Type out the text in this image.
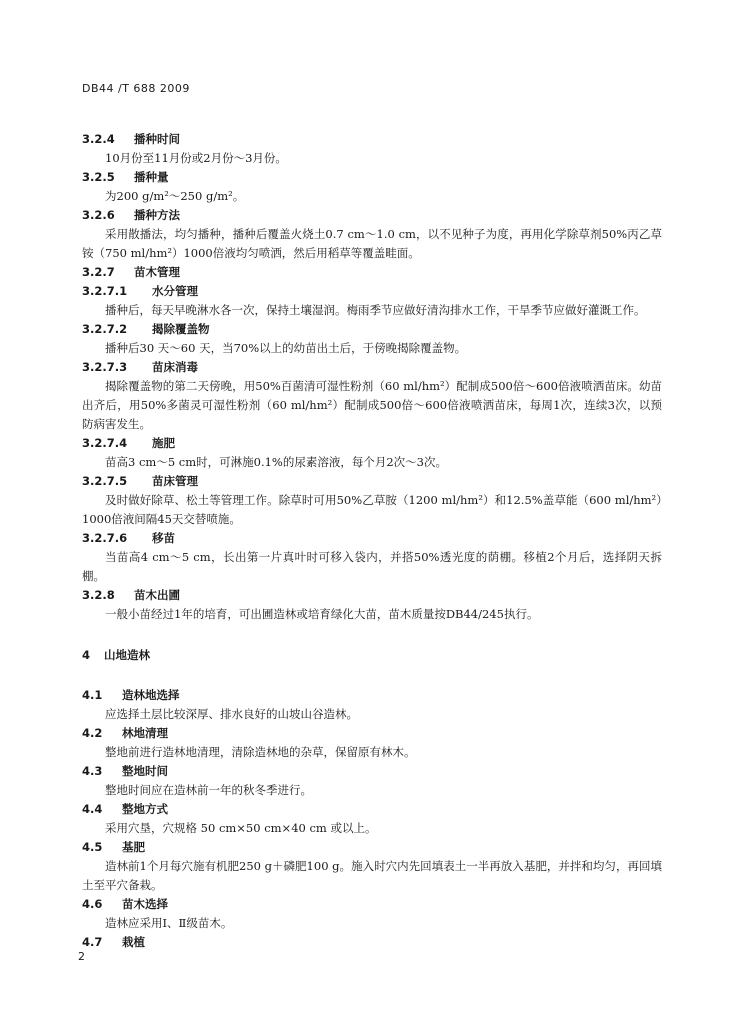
DB44 /T 688 2009
3.2.4 播种时间
10月份至11月份或2月份～3月份。
3.2.5 播种量
为200 g/m²～250 g/m²。
3.2.6 播种方法
采用散播法，均匀播种，播种后覆盖火烧土0.7 cm～1.0 cm，以不见种子为度，再用化学除草剂50%丙乙草铵（750 ml/hm²）1000倍液均匀喷洒，然后用稻草等覆盖畦面。
3.2.7 苗木管理
3.2.7.1 水分管理
播种后，每天早晚淋水各一次，保持土壤湿润。梅雨季节应做好清沟排水工作，干旱季节应做好灌溉工作。
3.2.7.2 揭除覆盖物
播种后30 天～60 天，当70%以上的幼苗出土后，于傍晚揭除覆盖物。
3.2.7.3 苗床消毒
揭除覆盖物的第二天傍晚，用50%百菌清可湿性粉剂（60 ml/hm²）配制成500倍～600倍液喷洒苗床。幼苗出齐后，用50%多菌灵可湿性粉剂（60 ml/hm²）配制成500倍～600倍液喷洒苗床，每周1次，连续3次，以预防病害发生。
3.2.7.4 施肥
苗高3 cm～5 cm时，可淋施0.1%的尿素溶液，每个月2次～3次。
3.2.7.5 苗床管理
及时做好除草、松土等管理工作。除草时可用50%乙草胺（1200 ml/hm²）和12.5%盖草能（600 ml/hm²）1000倍液间隔45天交替喷施。
3.2.7.6 移苗
当苗高4 cm～5 cm，长出第一片真叶时可移入袋内，并搭50%透光度的荫棚。移植2个月后，选择阴天拆棚。
3.2.8 苗木出圃
一般小苗经过1年的培育，可出圃造林或培育绿化大苗，苗木质量按DB44/245执行。
4 山地造林
4.1 造林地选择
应选择土层比较深厚、排水良好的山坡山谷造林。
4.2 林地清理
整地前进行造林地清理，清除造林地的杂草，保留原有林木。
4.3 整地时间
整地时间应在造林前一年的秋冬季进行。
4.4 整地方式
采用穴垦，穴规格 50 cm×50 cm×40 cm 或以上。
4.5 基肥
造林前1个月每穴施有机肥250 g＋磷肥100 g。施入时穴内先回填表土一半再放入基肥，并拌和均匀，再回填土至平穴备栽。
4.6 苗木选择
造林应采用Ⅰ、Ⅱ级苗木。
4.7 栽植
2
